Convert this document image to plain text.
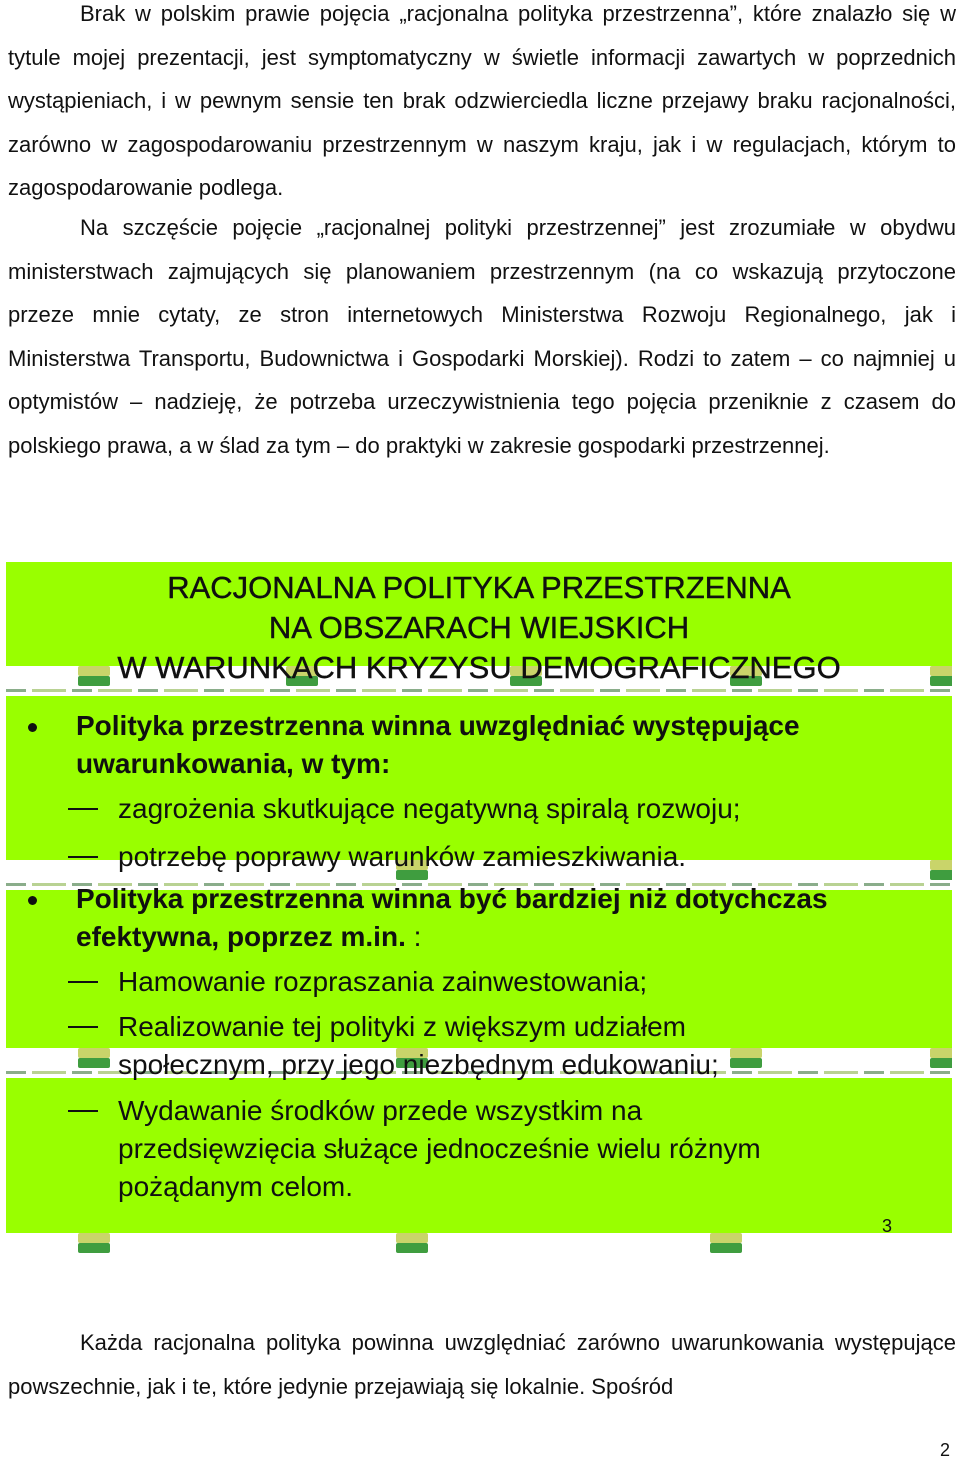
Brak w polskim prawie pojęcia „racjonalna polityka przestrzenna”, które znalazło się w tytule mojej prezentacji, jest symptomatyczny w świetle informacji zawartych w poprzednich wystąpieniach, i w pewnym sensie ten brak odzwierciedla liczne przejawy braku racjonalności, zarówno w zagospodarowaniu przestrzennym w naszym kraju, jak i w regulacjach, którym to zagospodarowanie podlega.

Na szczęście pojęcie „racjonalnej polityki przestrzennej” jest zrozumiałe w obydwu ministerstwach zajmujących się planowaniem przestrzennym (na co wskazują przytoczone przeze mnie cytaty, ze stron internetowych Ministerstwa Rozwoju Regionalnego, jak i Ministerstwa Transportu, Budownictwa i Gospodarki Morskiej). Rodzi to zatem – co najmniej u optymistów – nadzieję, że potrzeba urzeczywistnienia tego pojęcia przeniknie z czasem do polskiego prawa, a w ślad za tym – do praktyki w zakresie gospodarki przestrzennej.

RACJONALNA POLITYKA PRZESTRZENNA
NA OBSZARACH WIEJSKICH
W WARUNKACH KRYZYSU DEMOGRAFICZNEGO
Polityka przestrzenna winna uwzględniać występujące
uwarunkowania, w tym:
zagrożenia skutkujące negatywną spiralą rozwoju;
potrzebę poprawy warunków zamieszkiwania.
Polityka przestrzenna winna być bardziej niż dotychczas
efektywna, poprzez m.in. :
Hamowanie rozpraszania zainwestowania;
Realizowanie tej polityki z większym udziałem
społecznym, przy jego niezbędnym edukowaniu;
Wydawanie środków przede wszystkim na
przedsięwzięcia służące jednocześnie wielu różnym
pożądanym celom.
3

Każda racjonalna polityka powinna uwzględniać zarówno uwarunkowania występujące powszechnie, jak i te, które jedynie przejawiają się lokalnie. Spośród

2
